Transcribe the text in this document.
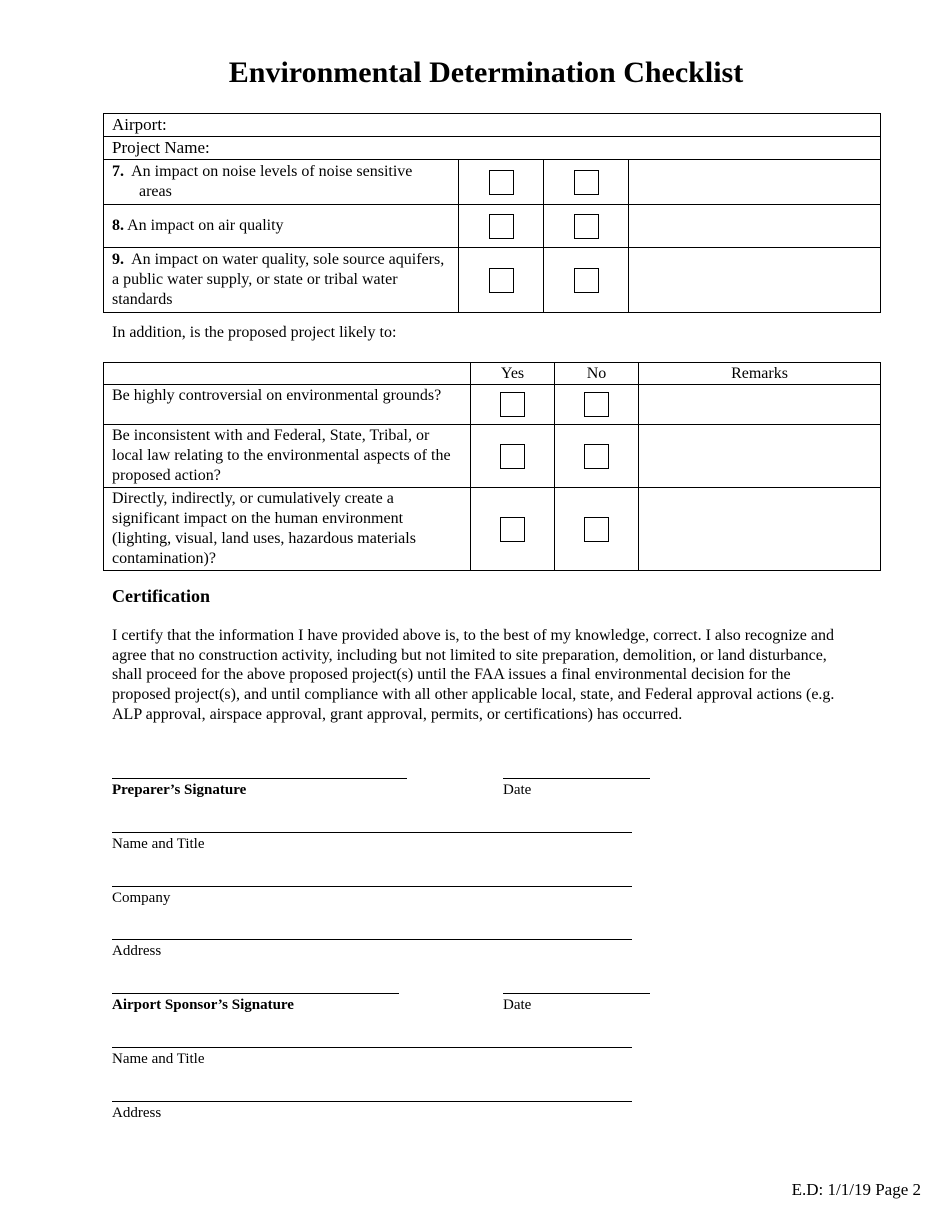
Environmental Determination Checklist
Airport:			
Project Name:			
7. An impact on noise levels of noise sensitive
areas			
8. An impact on air quality			
9. An impact on water quality, sole source aquifers, a public water supply, or state or tribal water standards			
In addition, is the proposed project likely to:
	Yes	No	Remarks
Be highly controversial on environmental grounds?			
Be inconsistent with and Federal, State, Tribal, or local law relating to the environmental aspects of the proposed action?			
Directly, indirectly, or cumulatively create a significant impact on the human environment (lighting, visual, land uses, hazardous materials contamination)?			
Certification
I certify that the information I have provided above is, to the best of my knowledge, correct. I also recognize and agree that no construction activity, including but not limited to site preparation, demolition, or land disturbance, shall proceed for the above proposed project(s) until the FAA issues a final environmental decision for the proposed project(s), and until compliance with all other applicable local, state, and Federal approval actions (e.g. ALP approval, airspace approval, grant approval, permits, or certifications) has occurred.
Preparer’s Signature	Date
Name and Title
Company
Address
Airport Sponsor’s Signature	Date
Name and Title
Address
E.D: 1/1/19 Page 2
